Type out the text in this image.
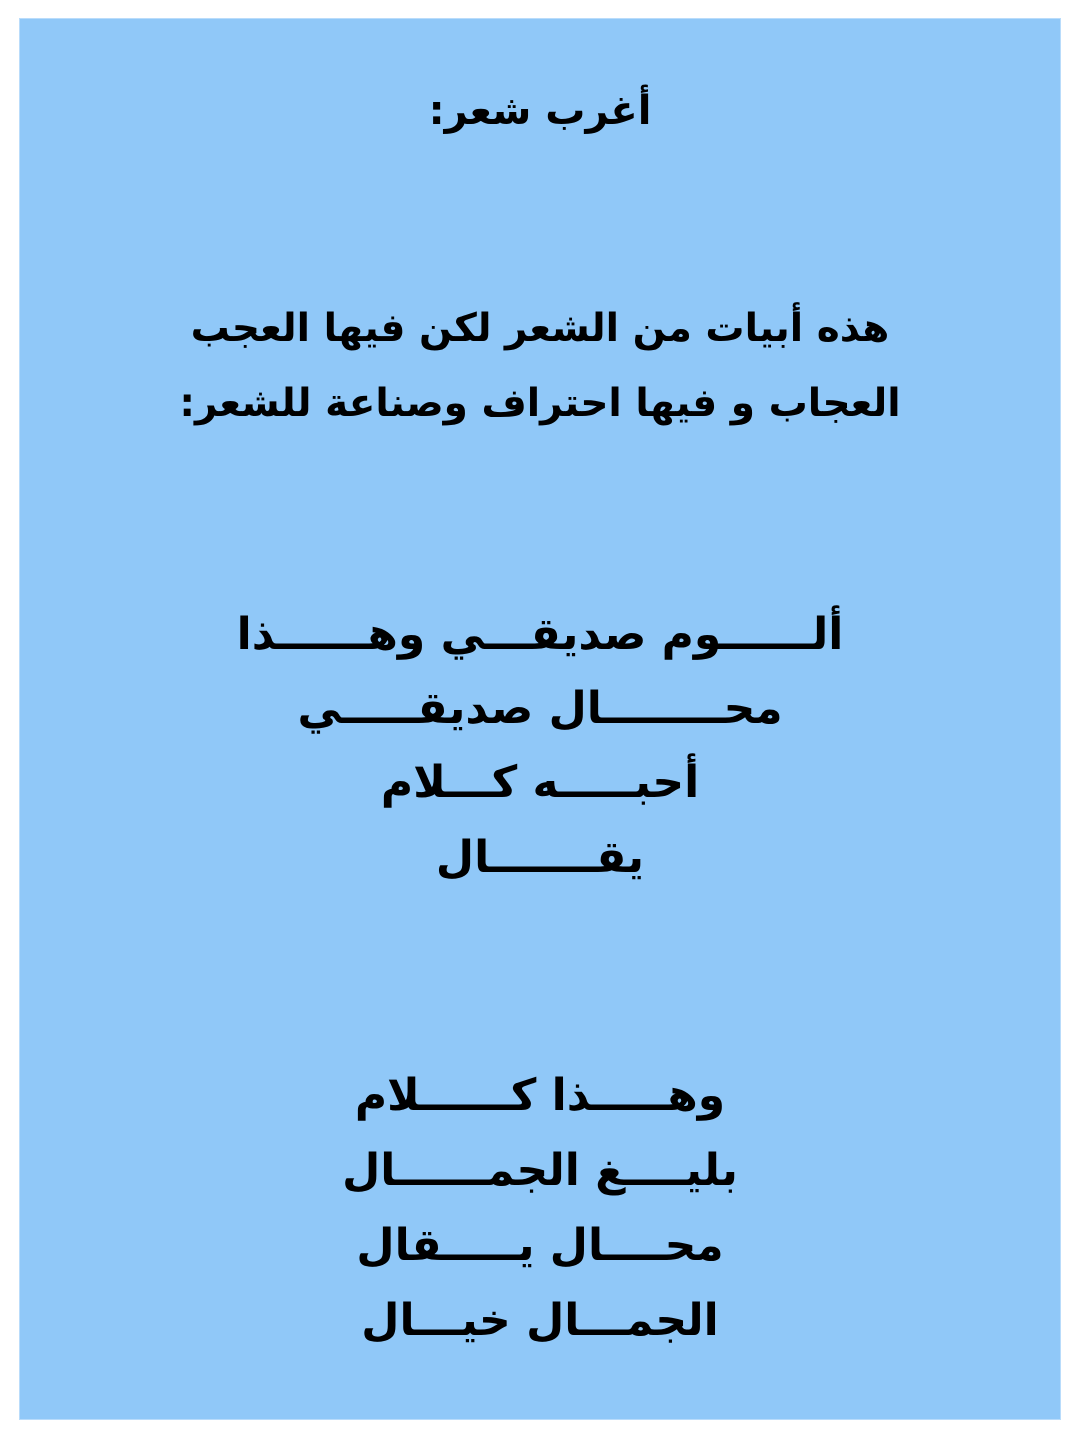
أغرب شعر:
هذه أبيات من الشعر لكن فيها العجب
العجاب و فيها احتراف وصناعة للشعر:
ألــــــوم صديقـــي وهــــــذا
محــــــــال صديقـــــي
أحبـــــه كـــلام
يقـــــــال
وهـــــذا كــــــلام
بليــــغ الجمــــــال
محــــال يـــــقال
الجمـــال خيـــال
